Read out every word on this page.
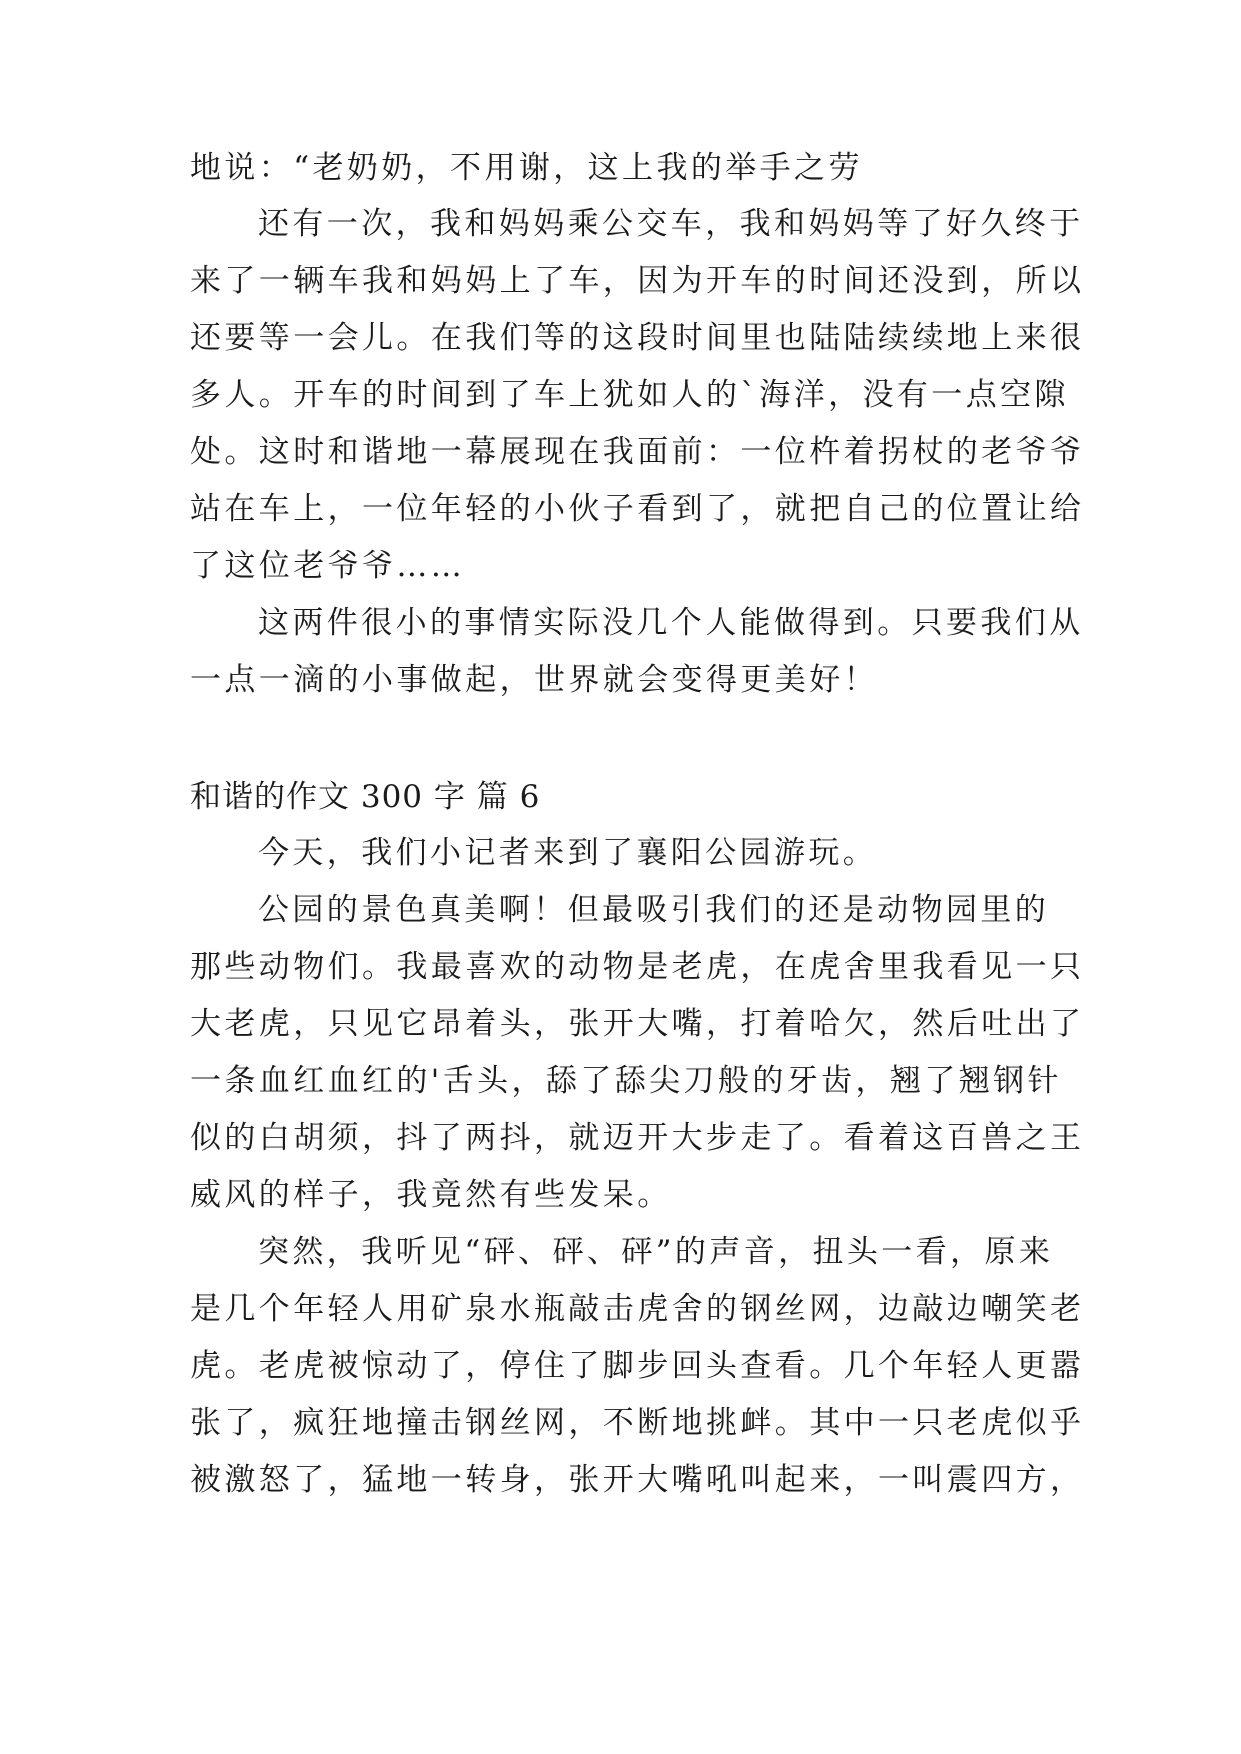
地说：“老奶奶，不用谢，这上我的举手之劳
还有一次，我和妈妈乘公交车，我和妈妈等了好久终于
来了一辆车我和妈妈上了车，因为开车的时间还没到，所以
还要等一会儿。在我们等的这段时间里也陆陆续续地上来很
多人。开车的时间到了车上犹如人的`海洋，没有一点空隙
处。这时和谐地一幕展现在我面前：一位杵着拐杖的老爷爷
站在车上，一位年轻的小伙子看到了，就把自己的位置让给
了这位老爷爷……
这两件很小的事情实际没几个人能做得到。只要我们从
一点一滴的小事做起，世界就会变得更美好！
和谐的作文 300 字 篇 6
今天，我们小记者来到了襄阳公园游玩。
公园的景色真美啊！但最吸引我们的还是动物园里的
那些动物们。我最喜欢的动物是老虎，在虎舍里我看见一只
大老虎，只见它昂着头，张开大嘴，打着哈欠，然后吐出了
一条血红血红的'舌头，舔了舔尖刀般的牙齿，翘了翘钢针
似的白胡须，抖了两抖，就迈开大步走了。看着这百兽之王
威风的样子，我竟然有些发呆。
突然，我听见“砰、砰、砰”的声音，扭头一看，原来
是几个年轻人用矿泉水瓶敲击虎舍的钢丝网，边敲边嘲笑老
虎。老虎被惊动了，停住了脚步回头查看。几个年轻人更嚣
张了，疯狂地撞击钢丝网，不断地挑衅。其中一只老虎似乎
被激怒了，猛地一转身，张开大嘴吼叫起来，一叫震四方，
